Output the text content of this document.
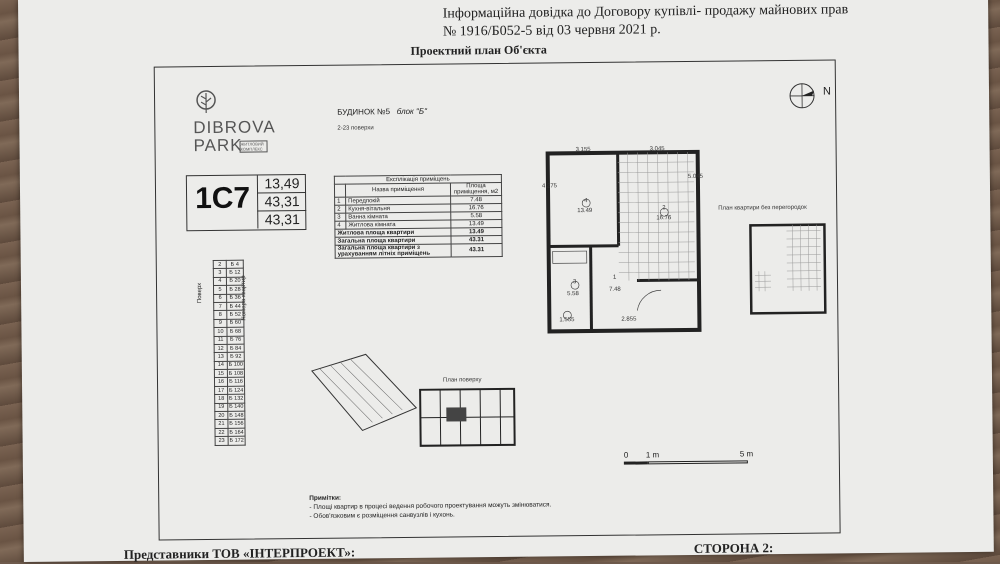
Інформаційна довідка до Договору купівлі- продажу майнових прав
№ 1916/Б052-5 від 03 червня 2021 р.
Проектний план Об'єкта
DIBROVA
PARK
ЖИТЛОВИЙ КОМПЛЕКС
1C7	13,49
43,31
43,31
БУДИНОК №5 блок "Б"
2-23 поверхи
Експлікація приміщень		
	Назва приміщення	Площа приміщення, м2
1	Передпокій	7.48
2	Кухня-вітальня	16.76
3	Ванна кімната	5.58
4	Житлова кімната	13.49
Житлова площа квартири		13.49
Загальна площа квартири		43.31
Загальна площа квартири з урахуванням літніх приміщень		43.31
Поверх	Номера квартир
2	Б 4
3	Б 12
4	Б 20
5	Б 28
6	Б 36
7	Б 44
8	Б 52
9	Б 60
10	Б 68
11	Б 76
12	Б 84
13	Б 92
14	Б 100
15	Б 108
16	Б 116
17	Б 124
18	Б 132
19	Б 140
20	Б 148
21	Б 156
22	Б 164
23	Б 172
4
13.49	2
16.76
3
5.58
1
7.48
3.155	3.045
4.275
5.045
2.855
1.555
План квартири без перегородок
N
План поверху
0 1 m	5 m
Примітки:
- Площі квартир в процесі ведення робочого проектування можуть змінюватися.
- Обов'язковим є розміщення санвузлів і кухонь.
Представники ТОВ «ІНТЕРПРОЕКТ»:	СТОРОНА 2:
